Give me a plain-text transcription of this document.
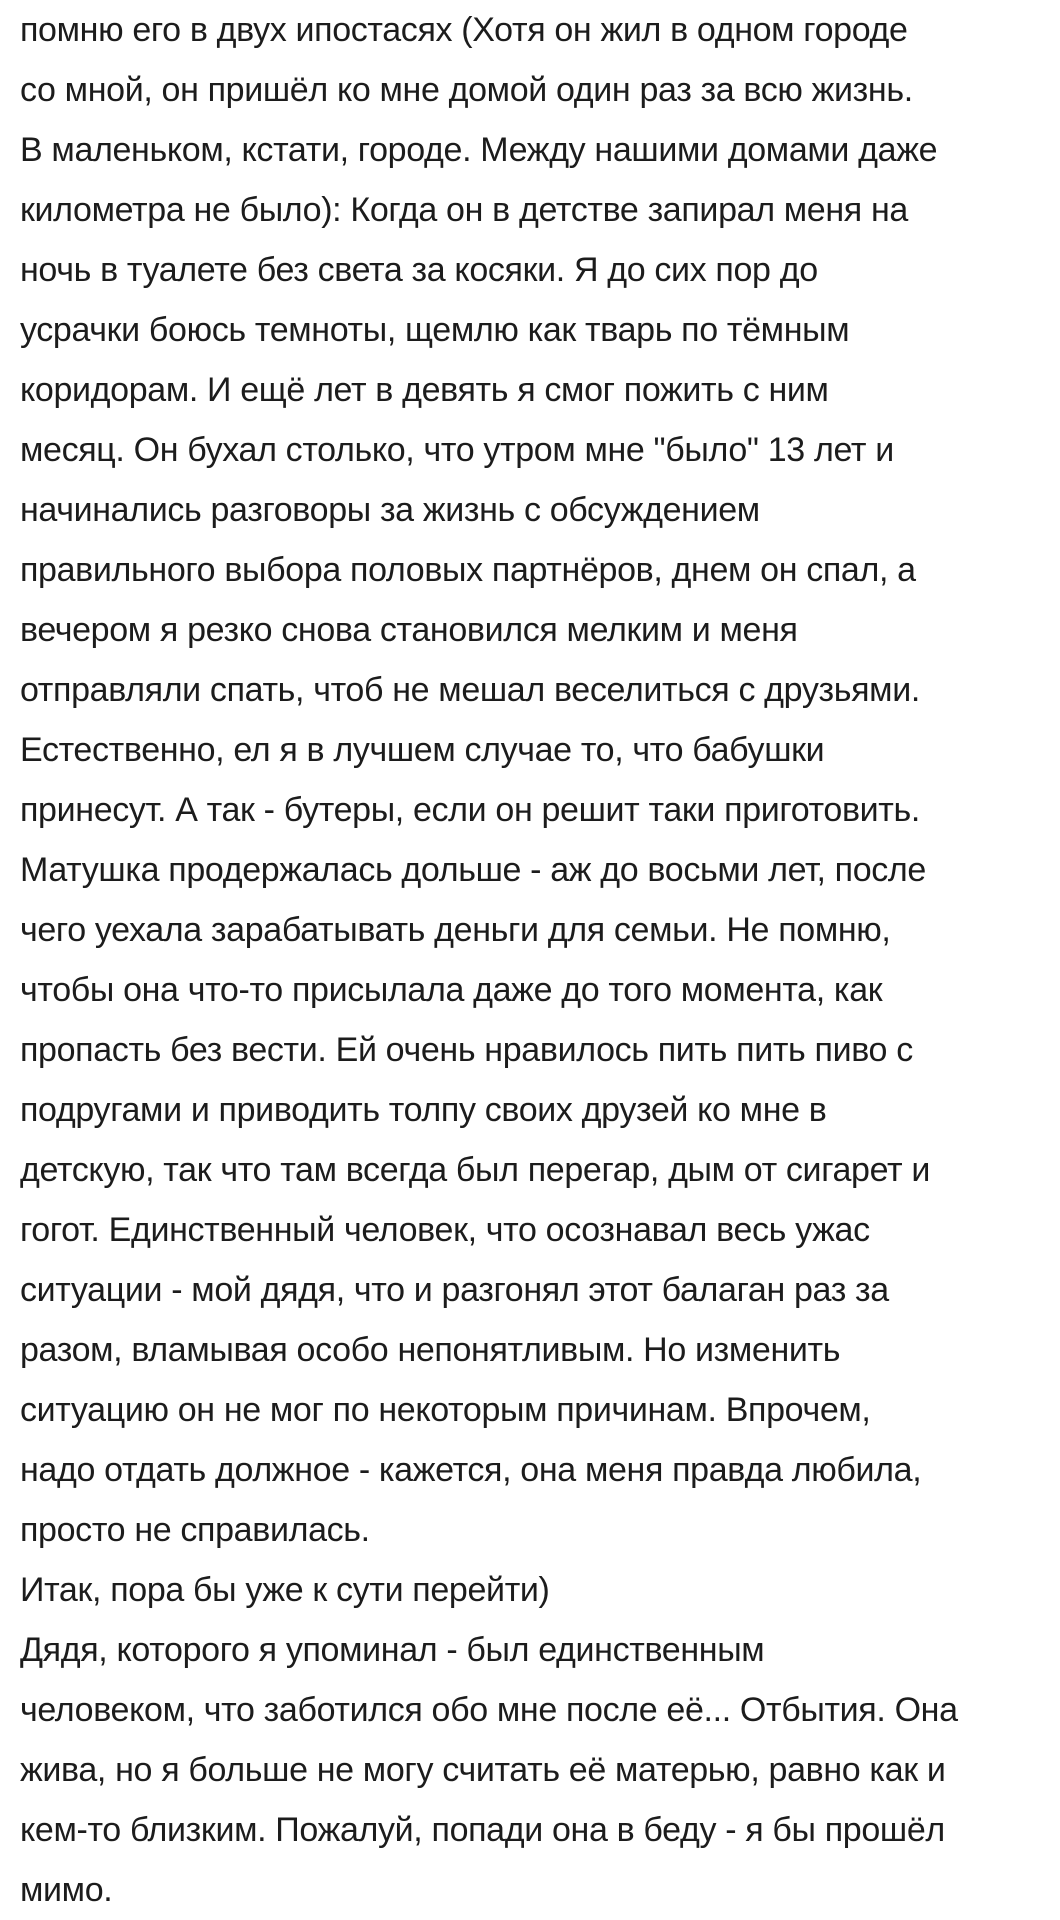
помню его в двух ипостасях (Хотя он жил в одном городе
со мной, он пришёл ко мне домой один раз за всю жизнь.
В маленьком, кстати, городе. Между нашими домами даже
километра не было): Когда он в детстве запирал меня на
ночь в туалете без света за косяки. Я до сих пор до
усрачки боюсь темноты, щемлю как тварь по тёмным
коридорам. И ещё лет в девять я смог пожить с ним
месяц. Он бухал столько, что утром мне "было" 13 лет и
начинались разговоры за жизнь с обсуждением
правильного выбора половых партнёров, днем он спал, а
вечером я резко снова становился мелким и меня
отправляли спать, чтоб не мешал веселиться с друзьями.
Естественно, ел я в лучшем случае то, что бабушки
принесут. А так - бутеры, если он решит таки приготовить.
Матушка продержалась дольше - аж до восьми лет, после
чего уехала зарабатывать деньги для семьи. Не помню,
чтобы она что-то присылала даже до того момента, как
пропасть без вести. Ей очень нравилось пить пить пиво с
подругами и приводить толпу своих друзей ко мне в
детскую, так что там всегда был перегар, дым от сигарет и
гогот. Единственный человек, что осознавал весь ужас
ситуации - мой дядя, что и разгонял этот балаган раз за
разом, вламывая особо непонятливым. Но изменить
ситуацию он не мог по некоторым причинам. Впрочем,
надо отдать должное - кажется, она меня правда любила,
просто не справилась.
Итак, пора бы уже к сути перейти)
Дядя, которого я упоминал - был единственным
человеком, что заботился обо мне после её... Отбытия. Она
жива, но я больше не могу считать её матерью, равно как и
кем-то близким. Пожалуй, попади она в беду - я бы прошёл
мимо.
